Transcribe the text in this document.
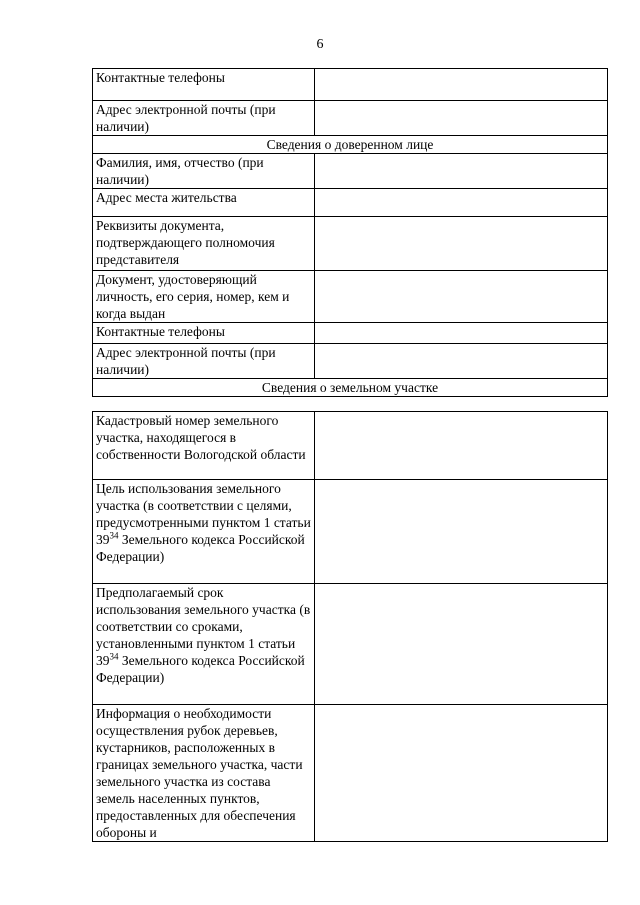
6
Контактные телефоны	
Адрес электронной почты (при наличии)	
Сведения о доверенном лице	
Фамилия, имя, отчество (при наличии)	
Адрес места жительства	
Реквизиты документа, подтверждающего полномочия представителя	
Документ, удостоверяющий личность, его серия, номер, кем и когда выдан	
Контактные телефоны	
Адрес электронной почты (при наличии)	
Сведения о земельном участке	
Кадастровый номер земельного участка, находящегося в собственности Вологодской области	
Цель использования земельного участка (в соответствии с целями, предусмотренными пунктом 1 статьи $39^{34}$ Земельного кодекса Российской Федерации)	
Предполагаемый срок использования земельного участка (в соответствии со сроками, установленными пунктом 1 статьи $39^{34}$ Земельного кодекса Российской Федерации)	
Информация о необходимости осуществления рубок деревьев, кустарников, расположенных в границах земельного участка, части земельного участка из состава земель населенных пунктов, предоставленных для обеспечения обороны и	
